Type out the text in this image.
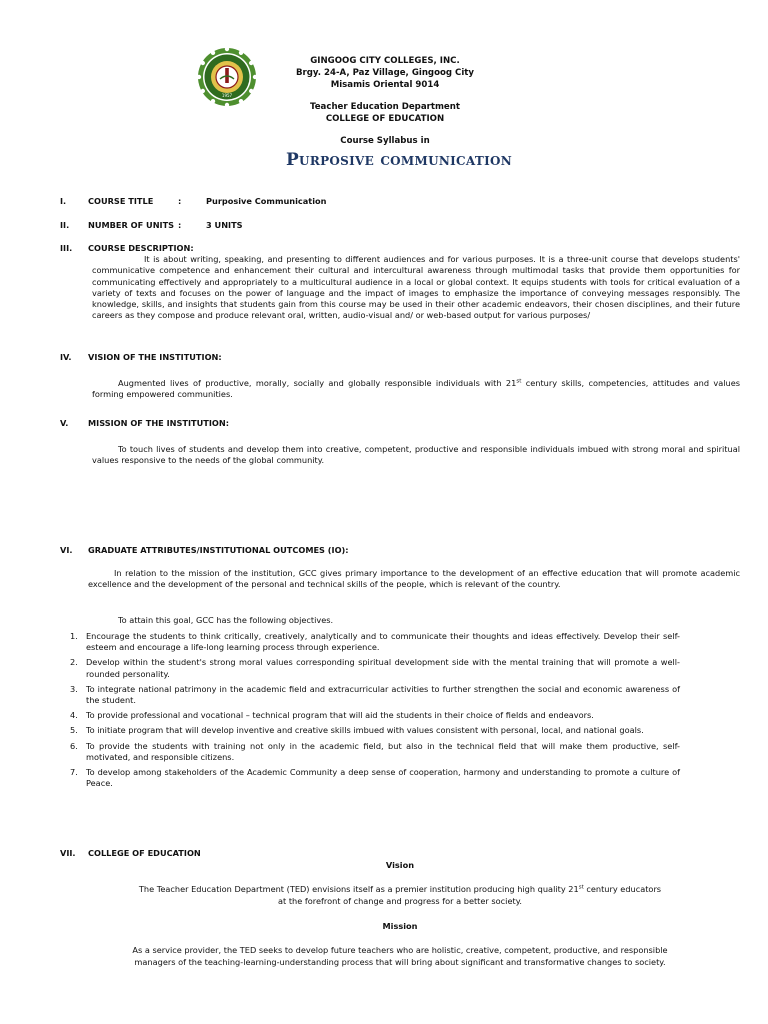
1957
GINGOOG CITY COLLEGES, INC.
Brgy. 24-A, Paz Village, Gingoog City
Misamis Oriental 9014
Teacher Education Department
COLLEGE OF EDUCATION
Course Syllabus in
Purposive communication
I.	COURSE TITLE	:	Purposive Communication
II. NUMBER OF UNITS :	3 UNITS
III. COURSE DESCRIPTION:
It is about writing, speaking, and presenting to different audiences and for various purposes. It is a three-unit course that develops students' communicative competence and enhancement their cultural and intercultural awareness through multimodal tasks that provide them opportunities for communicating effectively and appropriately to a multicultural audience in a local or global context. It equips students with tools for critical evaluation of a variety of texts and focuses on the power of language and the impact of images to emphasize the importance of conveying messages responsibly. The knowledge, skills, and insights that students gain from this course may be used in their other academic endeavors, their chosen disciplines, and their future careers as they compose and produce relevant oral, written, audio-visual and/ or web-based output for various purposes/
IV. VISION OF THE INSTITUTION:
Augmented lives of productive, morally, socially and globally responsible individuals with 21st century skills, competencies, attitudes and values forming empowered communities.
V. MISSION OF THE INSTITUTION:
To touch lives of students and develop them into creative, competent, productive and responsible individuals imbued with strong moral and spiritual values responsive to the needs of the global community.
VI. GRADUATE ATTRIBUTES/INSTITUTIONAL OUTCOMES (IO):
In relation to the mission of the institution, GCC gives primary importance to the development of an effective education that will promote academic excellence and the development of the personal and technical skills of the people, which is relevant of the country.
To attain this goal, GCC has the following objectives.
1. Encourage the students to think critically, creatively, analytically and to communicate their thoughts and ideas effectively. Develop their self-esteem and encourage a life-long learning process through experience.
2. Develop within the student's strong moral values corresponding spiritual development side with the mental training that will promote a well-rounded personality.
3. To integrate national patrimony in the academic field and extracurricular activities to further strengthen the social and economic awareness of the student.
4. To provide professional and vocational – technical program that will aid the students in their choice of fields and endeavors.
5. To initiate program that will develop inventive and creative skills imbued with values consistent with personal, local, and national goals.
6. To provide the students with training not only in the academic field, but also in the technical field that will make them productive, self-motivated, and responsible citizens.
7. To develop among stakeholders of the Academic Community a deep sense of cooperation, harmony and understanding to promote a culture of Peace.
VII. COLLEGE OF EDUCATION
Vision
The Teacher Education Department (TED) envisions itself as a premier institution producing high quality 21st century educators
at the forefront of change and progress for a better society.
Mission
As a service provider, the TED seeks to develop future teachers who are holistic, creative, competent, productive, and responsible
managers of the teaching-learning-understanding process that will bring about significant and transformative changes to society.
